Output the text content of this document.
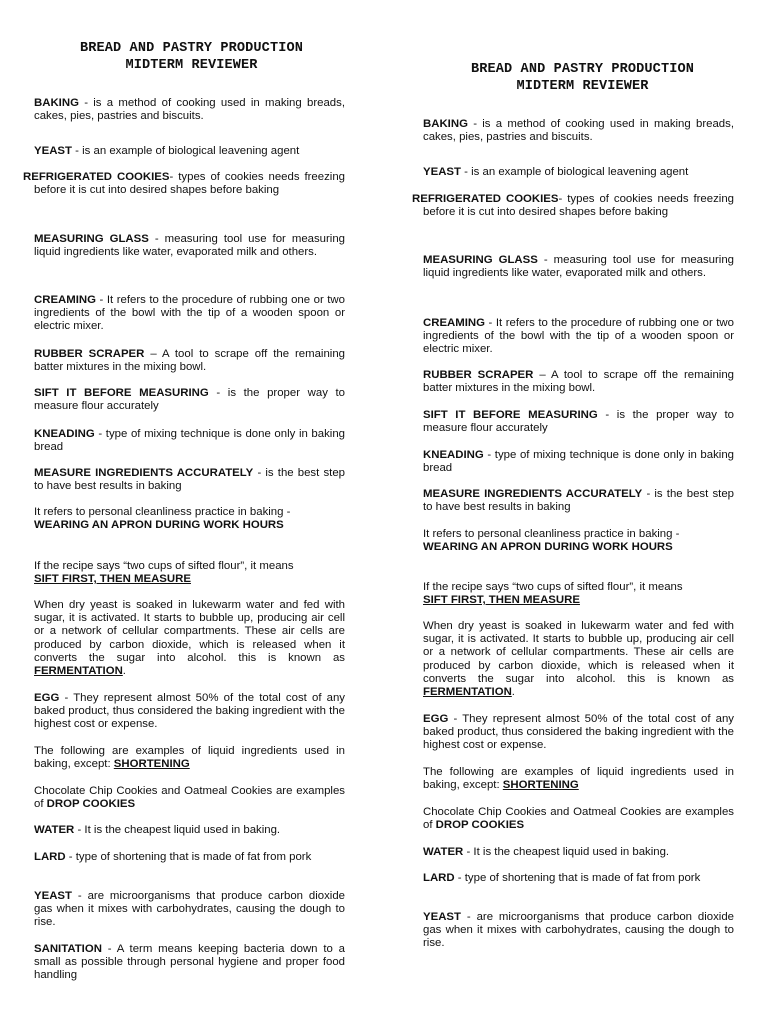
BREAD AND PASTRY PRODUCTION
MIDTERM REVIEWER

BAKING - is a method of cooking used in making breads, cakes, pies, pastries and biscuits.

YEAST - is an example of biological leavening agent

REFRIGERATED COOKIES- types of cookies needs freezing before it is cut into desired shapes before baking

MEASURING GLASS - measuring tool use for measuring liquid ingredients like water, evaporated milk and others.

CREAMING - It refers to the procedure of rubbing one or two ingredients of the bowl with the tip of a wooden spoon or electric mixer.

RUBBER SCRAPER – A tool to scrape off the remaining batter mixtures in the mixing bowl.

SIFT IT BEFORE MEASURING - is the proper way to measure flour accurately

KNEADING - type of mixing technique is done only in baking bread

MEASURE INGREDIENTS ACCURATELY - is the best step to have best results in baking

It refers to personal cleanliness practice in baking -
WEARING AN APRON DURING WORK HOURS

If the recipe says “two cups of sifted flour”, it means
SIFT FIRST, THEN MEASURE

When dry yeast is soaked in lukewarm water and fed with sugar, it is activated. It starts to bubble up, producing air cell or a network of cellular compartments. These air cells are produced by carbon dioxide, which is released when it converts the sugar into alcohol. this is known as FERMENTATION.

EGG - They represent almost 50% of the total cost of any baked product, thus considered the baking ingredient with the highest cost or expense.

The following are examples of liquid ingredients used in baking, except: SHORTENING

Chocolate Chip Cookies and Oatmeal Cookies are examples of DROP COOKIES

WATER - It is the cheapest liquid used in baking.

LARD - type of shortening that is made of fat from pork

YEAST - are microorganisms that produce carbon dioxide gas when it mixes with carbohydrates, causing the dough to rise.

SANITATION - A term means keeping bacteria down to a small as possible through personal hygiene and proper food handling

BREAD AND PASTRY PRODUCTION
MIDTERM REVIEWER

BAKING - is a method of cooking used in making breads, cakes, pies, pastries and biscuits.

YEAST - is an example of biological leavening agent

REFRIGERATED COOKIES- types of cookies needs freezing before it is cut into desired shapes before baking

MEASURING GLASS - measuring tool use for measuring liquid ingredients like water, evaporated milk and others.

CREAMING - It refers to the procedure of rubbing one or two ingredients of the bowl with the tip of a wooden spoon or electric mixer.

RUBBER SCRAPER – A tool to scrape off the remaining batter mixtures in the mixing bowl.

SIFT IT BEFORE MEASURING - is the proper way to measure flour accurately

KNEADING - type of mixing technique is done only in baking bread

MEASURE INGREDIENTS ACCURATELY - is the best step to have best results in baking

It refers to personal cleanliness practice in baking -
WEARING AN APRON DURING WORK HOURS

If the recipe says “two cups of sifted flour”, it means
SIFT FIRST, THEN MEASURE

When dry yeast is soaked in lukewarm water and fed with sugar, it is activated. It starts to bubble up, producing air cell or a network of cellular compartments. These air cells are produced by carbon dioxide, which is released when it converts the sugar into alcohol. this is known as FERMENTATION.

EGG - They represent almost 50% of the total cost of any baked product, thus considered the baking ingredient with the highest cost or expense.

The following are examples of liquid ingredients used in baking, except: SHORTENING

Chocolate Chip Cookies and Oatmeal Cookies are examples of DROP COOKIES

WATER - It is the cheapest liquid used in baking.

LARD - type of shortening that is made of fat from pork

YEAST - are microorganisms that produce carbon dioxide gas when it mixes with carbohydrates, causing the dough to rise.
